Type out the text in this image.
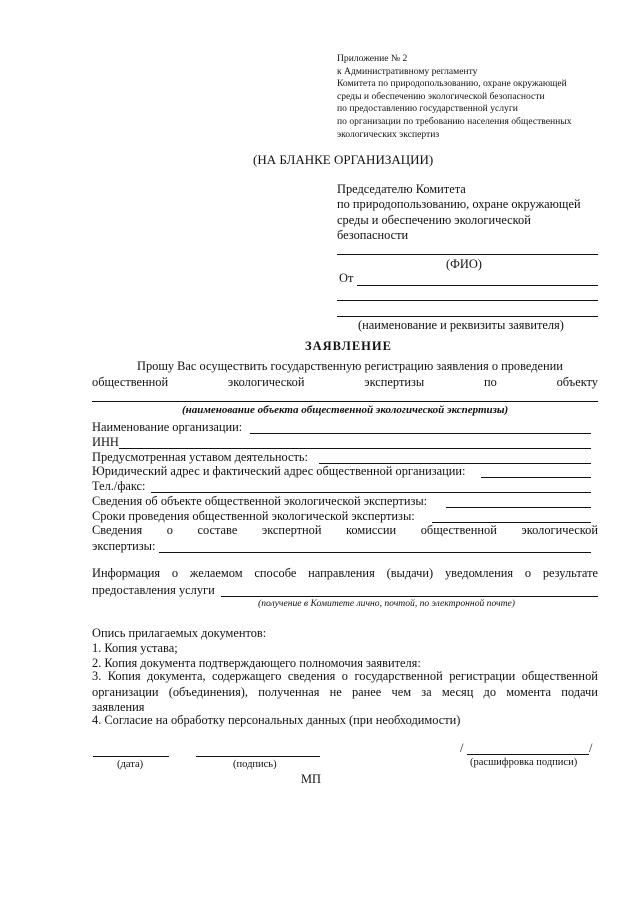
Приложение № 2
к Административному регламенту
Комитета по природопользованию, охране окружающей
среды и обеспечению экологической безопасности
по предоставлению государственной услуги
по организации по требованию населения общественных
экологических экспертиз
(НА БЛАНКЕ ОРГАНИЗАЦИИ)
Председателю Комитета
по природопользованию, охране окружающей
среды и обеспечению экологической
безопасности
(ФИО)
От
(наименование и реквизиты заявителя)
ЗАЯВЛЕНИЕ
Прошу Вас осуществить государственную регистрацию заявления о проведении
общественной	экологической	экспертизы	по	объекту
(наименование объекта общественной экологической экспертизы)
Наименование организации:
ИНН
Предусмотренная уставом деятельность:
Юридический адрес и фактический адрес общественной организации:
Тел./факс:
Сведения об объекте общественной экологической экспертизы:
Сроки проведения общественной экологической экспертизы:
Сведения о составе экспертной комиссии общественной экологической
экспертизы:
Информация о желаемом способе направления (выдачи) уведомления о результате
предоставления услуги
(получение в Комитете лично, почтой, по электронной почте)
Опись прилагаемых документов:
1. Копия устава;
2. Копия документа подтверждающего полномочия заявителя:
3. Копия документа, содержащего сведения о государственной регистрации общественной
организации (объединения), полученная не ранее чем за месяц до момента подачи
заявления
4. Согласие на обработку персональных данных (при необходимости)
/	/
(дата)	(подпись)	(расшифровка подписи)
МП
